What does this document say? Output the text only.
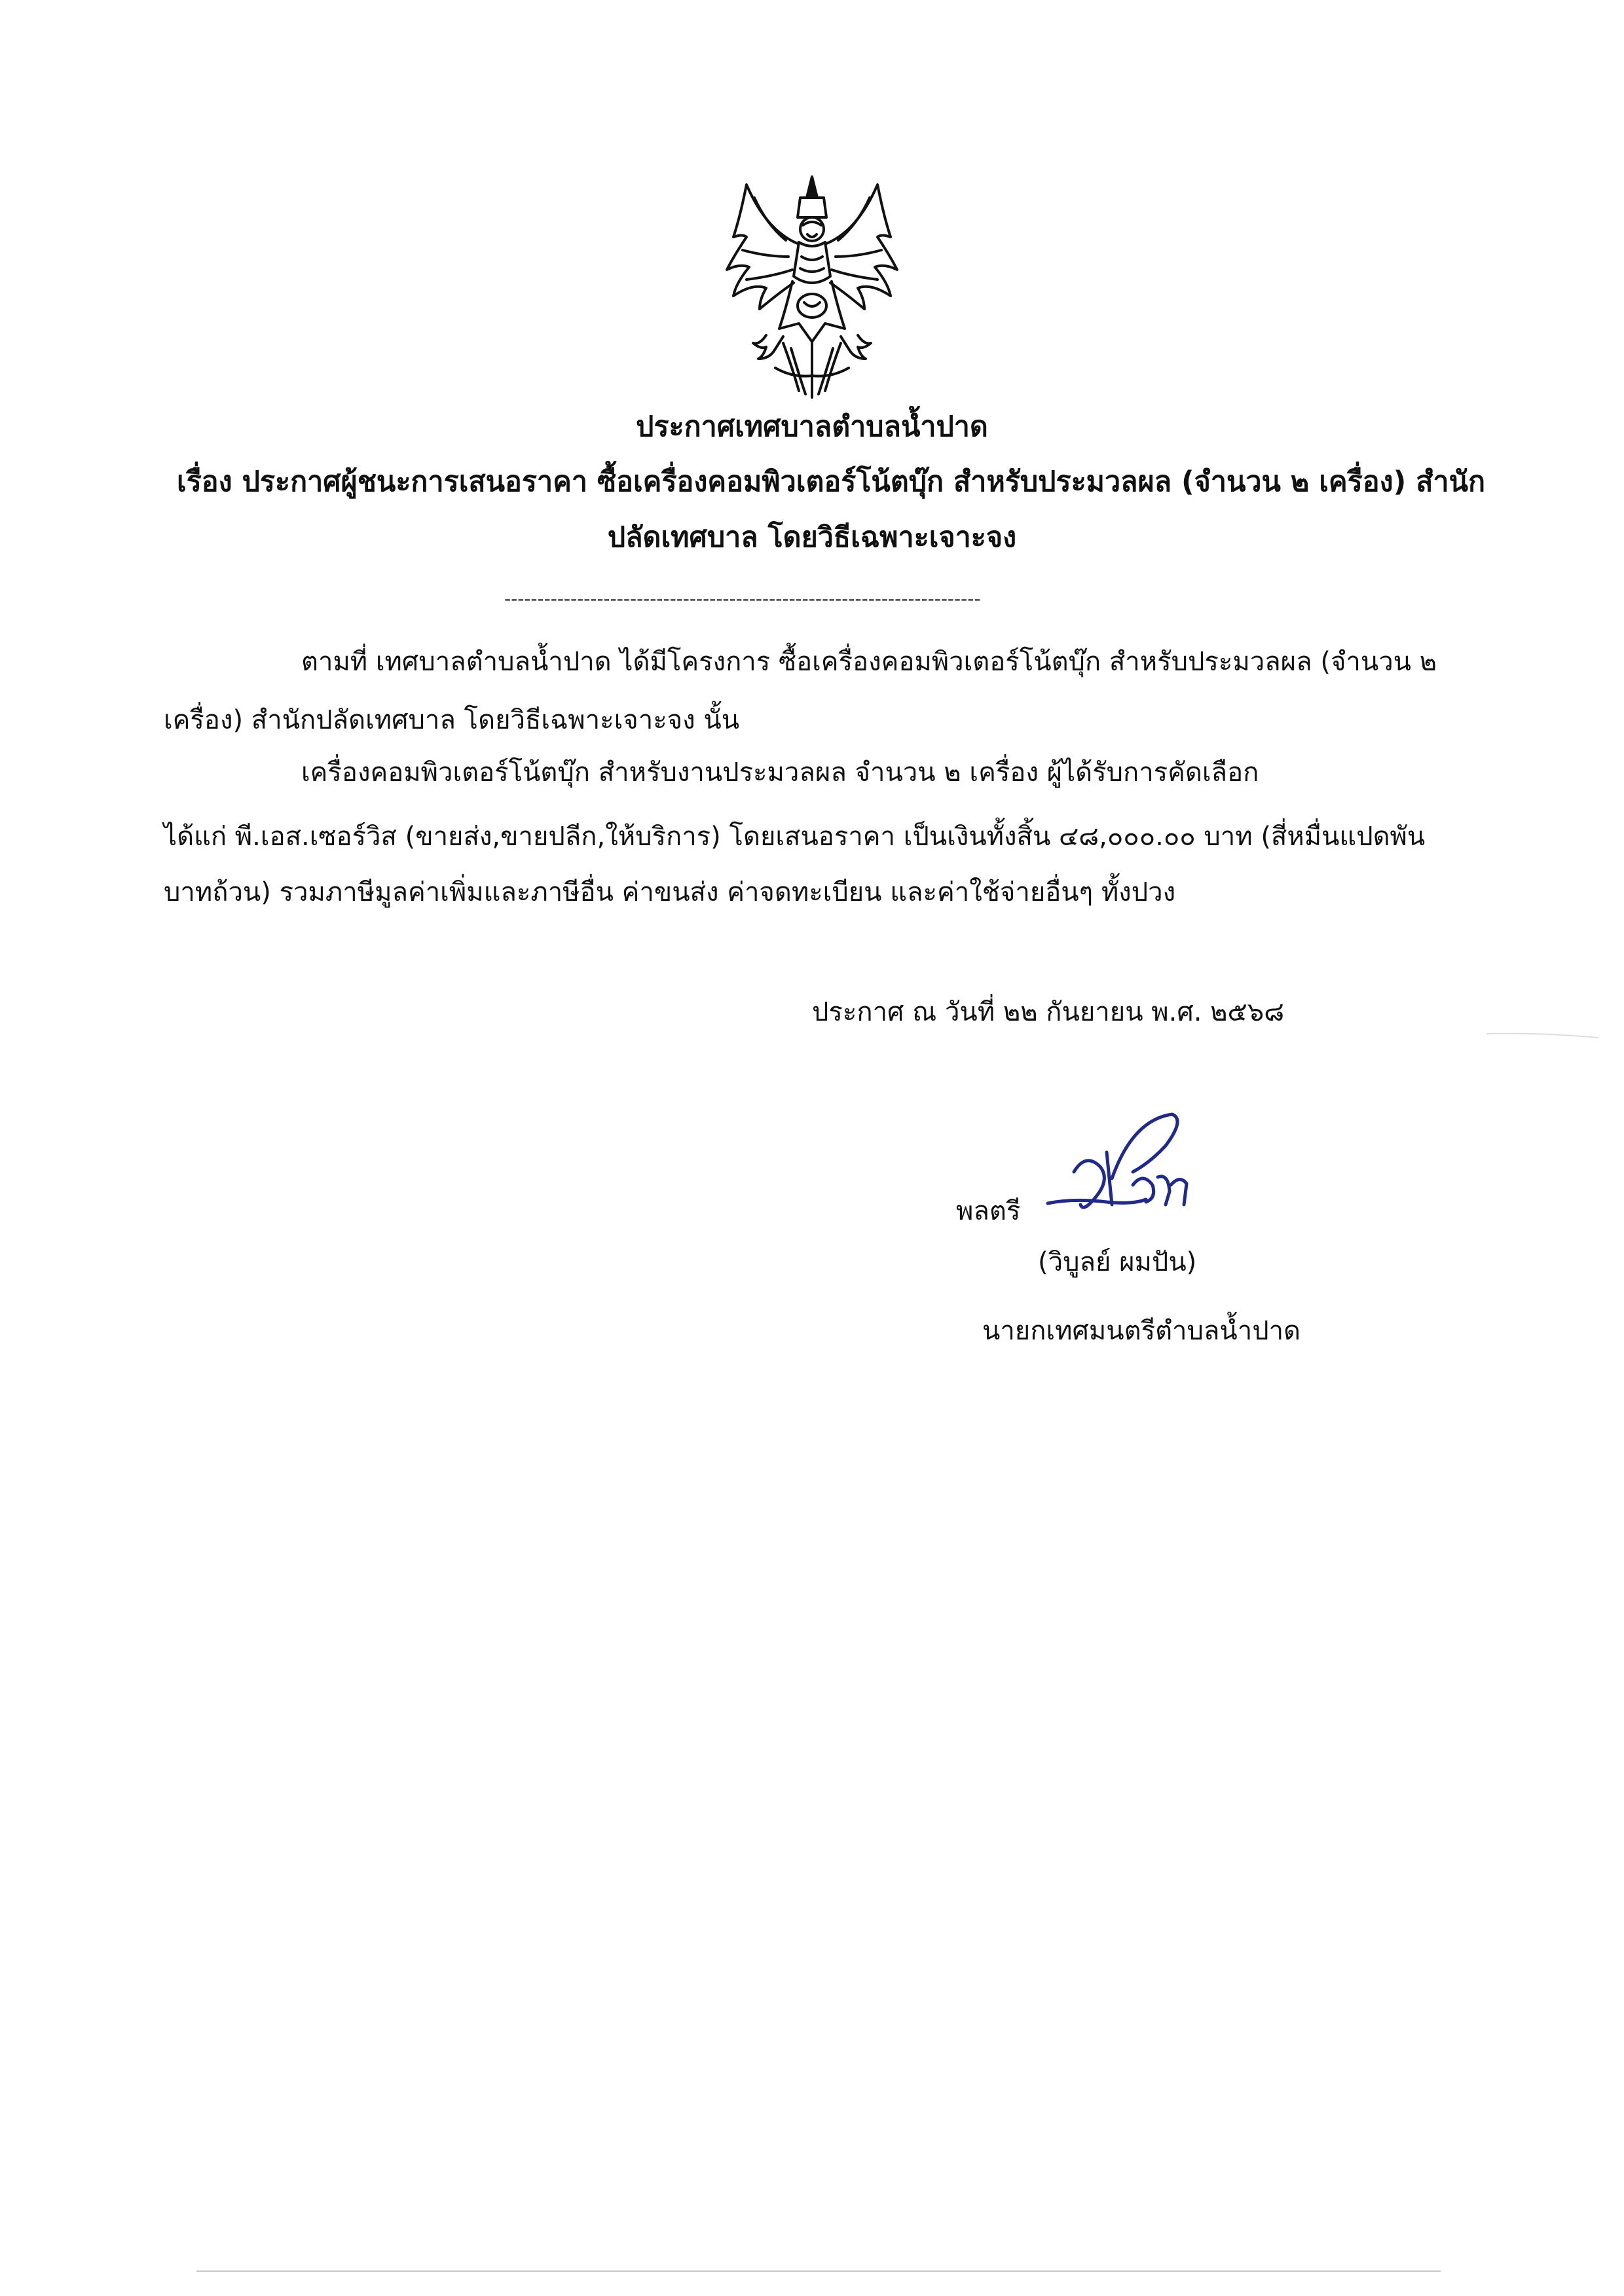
ประกาศเทศบาลตำบลน้ำปาด

เรื่อง ประกาศผู้ชนะการเสนอราคา ซื้อเครื่องคอมพิวเตอร์โน้ตบุ๊ก สำหรับประมวลผล (จำนวน ๒ เครื่อง) สำนัก

ปลัดเทศบาล โดยวิธีเฉพาะเจาะจง

------------------------------------------------------------------------

ตามที่ เทศบาลตำบลน้ำปาด ได้มีโครงการ ซื้อเครื่องคอมพิวเตอร์โน้ตบุ๊ก สำหรับประมวลผล (จำนวน ๒

เครื่อง) สำนักปลัดเทศบาล โดยวิธีเฉพาะเจาะจง นั้น

เครื่องคอมพิวเตอร์โน้ตบุ๊ก สำหรับงานประมวลผล จำนวน ๒ เครื่อง ผู้ได้รับการคัดเลือก

ได้แก่ พี.เอส.เซอร์วิส (ขายส่ง,ขายปลีก,ให้บริการ) โดยเสนอราคา เป็นเงินทั้งสิ้น ๔๘,๐๐๐.๐๐ บาท (สี่หมื่นแปดพัน

บาทถ้วน) รวมภาษีมูลค่าเพิ่มและภาษีอื่น ค่าขนส่ง ค่าจดทะเบียน และค่าใช้จ่ายอื่นๆ ทั้งปวง

ประกาศ ณ วันที่ ๒๒ กันยายน พ.ศ. ๒๕๖๘

พลตรี

(วิบูลย์ ผมปัน)

นายกเทศมนตรีตำบลน้ำปาด
